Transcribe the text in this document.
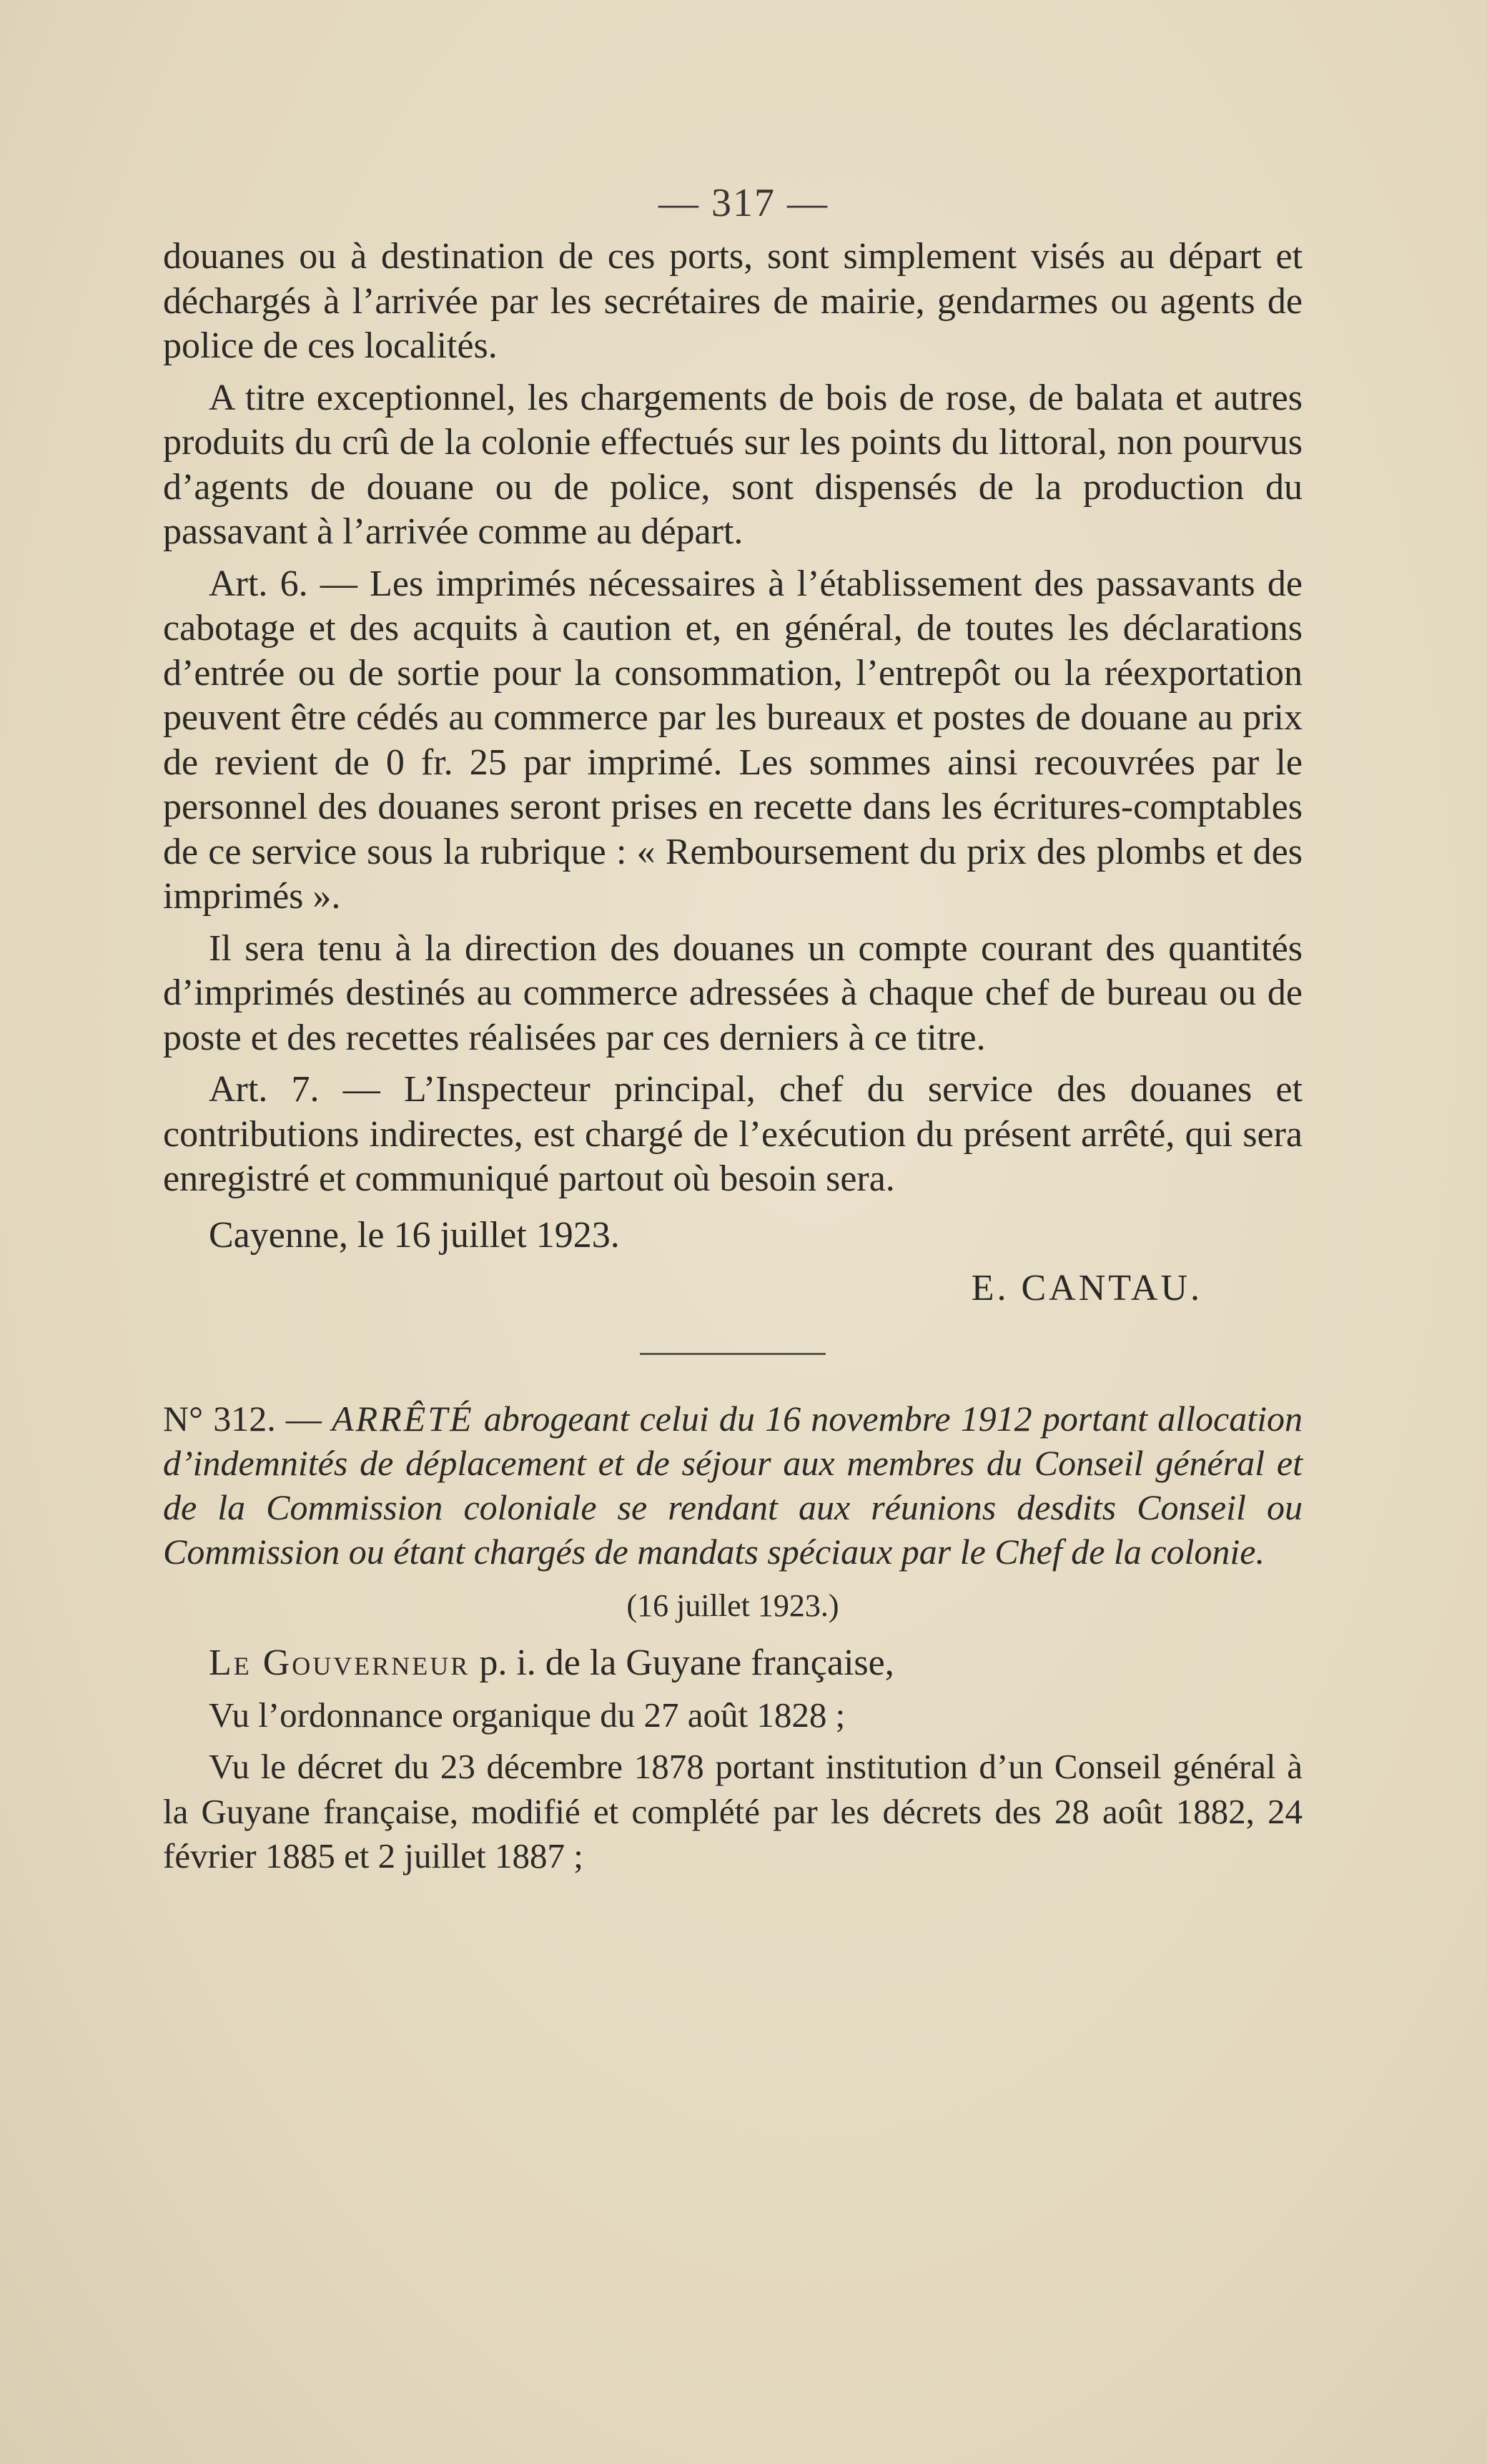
— 317 —

douanes ou à destination de ces ports, sont simplement visés au départ et déchargés à l’arrivée par les secrétaires de mairie, gendarmes ou agents de police de ces localités.

A titre exceptionnel, les chargements de bois de rose, de balata et autres produits du crû de la colonie effectués sur les points du littoral, non pourvus d’agents de douane ou de police, sont dispensés de la production du passavant à l’arrivée comme au départ.

Art. 6. — Les imprimés nécessaires à l’établissement des passavants de cabotage et des acquits à caution et, en général, de toutes les déclarations d’entrée ou de sortie pour la consommation, l’entrepôt ou la réexportation peuvent être cédés au commerce par les bureaux et postes de douane au prix de revient de 0 fr. 25 par imprimé. Les sommes ainsi recouvrées par le personnel des douanes seront prises en recette dans les écritures-comptables de ce service sous la rubrique : « Remboursement du prix des plombs et des imprimés ».

Il sera tenu à la direction des douanes un compte courant des quantités d’imprimés destinés au commerce adressées à chaque chef de bureau ou de poste et des recettes réalisées par ces derniers à ce titre.

Art. 7. — L’Inspecteur principal, chef du service des douanes et contributions indirectes, est chargé de l’exécution du présent arrêté, qui sera enregistré et communiqué partout où besoin sera.

Cayenne, le 16 juillet 1923.

E. CANTAU.

N° 312. — ARRÊTÉ abrogeant celui du 16 novembre 1912 portant allocation d’indemnités de déplacement et de séjour aux membres du Conseil général et de la Commission coloniale se rendant aux réunions desdits Conseil ou Commission ou étant chargés de mandats spéciaux par le Chef de la colonie.

(16 juillet 1923.)

Le Gouverneur p. i. de la Guyane française,

Vu l’ordonnance organique du 27 août 1828 ;

Vu le décret du 23 décembre 1878 portant institution d’un Conseil général à la Guyane française, modifié et complété par les décrets des 28 août 1882, 24 février 1885 et 2 juillet 1887 ;
